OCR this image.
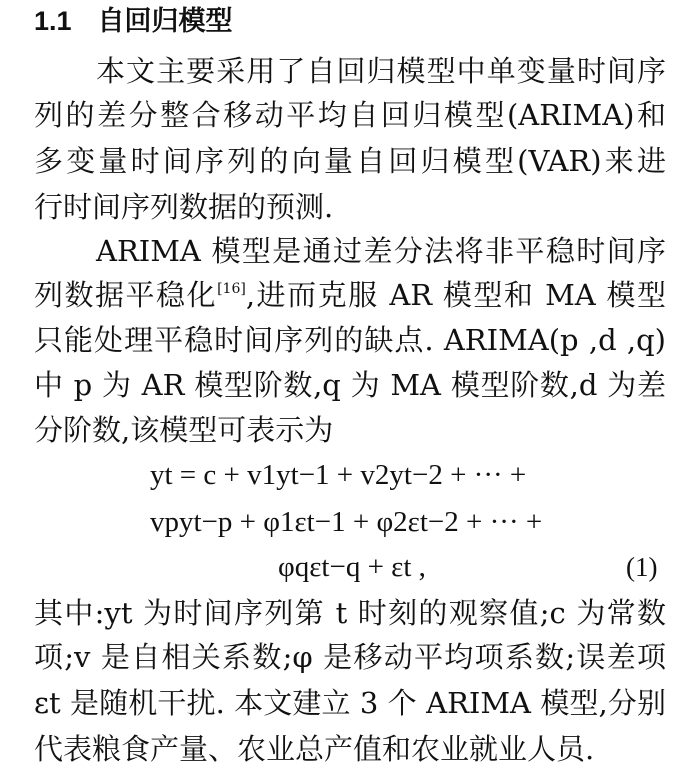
1.1 自回归模型
本文主要采用了自回归模型中单变量时间序
列的差分整合移动平均自回归模型(ARIMA)和
多变量时间序列的向量自回归模型(VAR)来进
行时间序列数据的预测.
ARIMA 模型是通过差分法将非平稳时间序
列数据平稳化[16],进而克服 AR 模型和 MA 模型
只能处理平稳时间序列的缺点. ARIMA(p ,d ,q)
中 p 为 AR 模型阶数,q 为 MA 模型阶数,d 为差
分阶数,该模型可表示为
yt = c + v1yt−1 + v2yt−2 + ··· +
vpyt−p + φ1εt−1 + φ2εt−2 + ··· +
φqεt−q + εt ,	(1)
其中:yt 为时间序列第 t 时刻的观察值;c 为常数
项;v 是自相关系数;φ 是移动平均项系数;误差项
εt 是随机干扰. 本文建立 3 个 ARIMA 模型,分别
代表粮食产量、农业总产值和农业就业人员.
